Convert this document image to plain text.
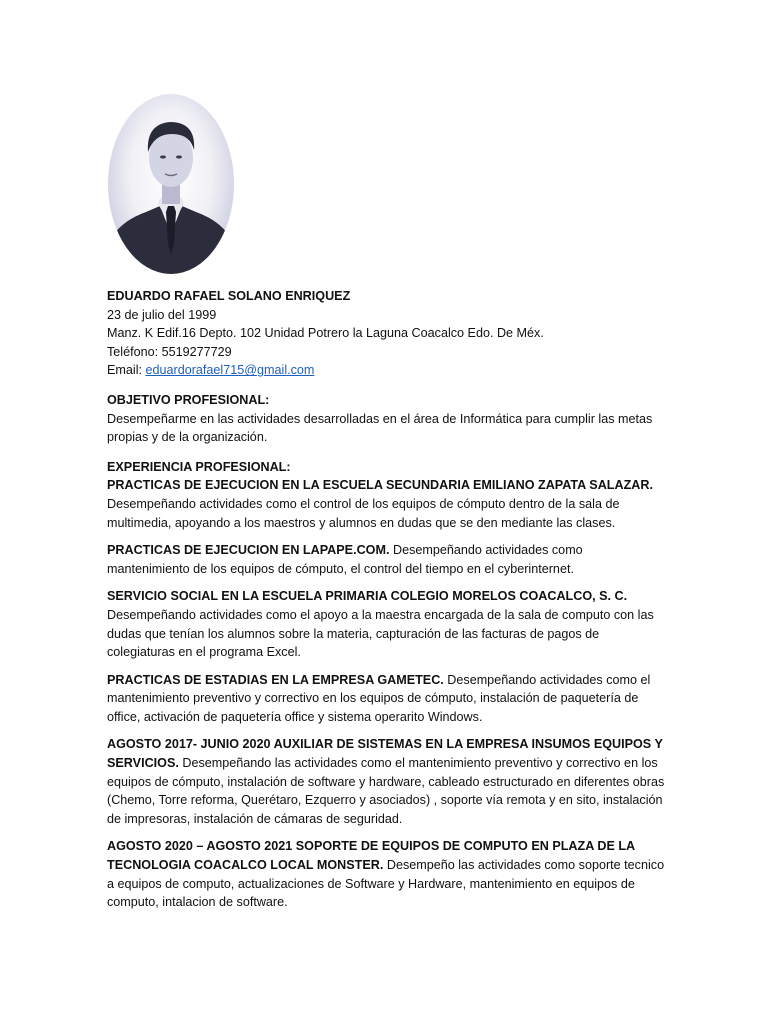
EDUARDO RAFAEL SOLANO ENRIQUEZ

23 de julio del 1999

Manz. K Edif.16 Depto. 102 Unidad Potrero la Laguna Coacalco Edo. De Méx.

Teléfono: 5519277729

Email: eduardorafael715@gmail.com

OBJETIVO PROFESIONAL:

Desempeñarme en las actividades desarrolladas en el área de Informática para cumplir las metas propias y de la organización.

EXPERIENCIA PROFESIONAL:

PRACTICAS DE EJECUCION EN LA ESCUELA SECUNDARIA EMILIANO ZAPATA SALAZAR.
Desempeñando actividades como el control de los equipos de cómputo dentro de la sala de multimedia, apoyando a los maestros y alumnos en dudas que se den mediante las clases.

PRACTICAS DE EJECUCION EN LAPAPE.COM. Desempeñando actividades como mantenimiento de los equipos de cómputo, el control del tiempo en el cyberinternet.

SERVICIO SOCIAL EN LA ESCUELA PRIMARIA COLEGIO MORELOS COACALCO, S. C. Desempeñando actividades como el apoyo a la maestra encargada de la sala de computo con las dudas que tenían los alumnos sobre la materia, capturación de las facturas de pagos de colegiaturas en el programa Excel.

PRACTICAS DE ESTADIAS EN LA EMPRESA GAMETEC. Desempeñando actividades como el mantenimiento preventivo y correctivo en los equipos de cómputo, instalación de paquetería de office, activación de paquetería office y sistema operarito Windows.

AGOSTO 2017- JUNIO 2020 AUXILIAR DE SISTEMAS EN LA EMPRESA INSUMOS EQUIPOS Y SERVICIOS. Desempeñando las actividades como el mantenimiento preventivo y correctivo en los equipos de cómputo, instalación de software y hardware, cableado estructurado en diferentes obras (Chemo, Torre reforma, Querétaro, Ezquerro y asociados) , soporte vía remota y en sito, instalación de impresoras, instalación de cámaras de seguridad.

AGOSTO 2020 – AGOSTO 2021 SOPORTE DE EQUIPOS DE COMPUTO EN PLAZA DE LA TECNOLOGIA COACALCO LOCAL MONSTER. Desempeño las actividades como soporte tecnico a equipos de computo, actualizaciones de Software y Hardware, mantenimiento en equipos de computo, intalacion de software.
